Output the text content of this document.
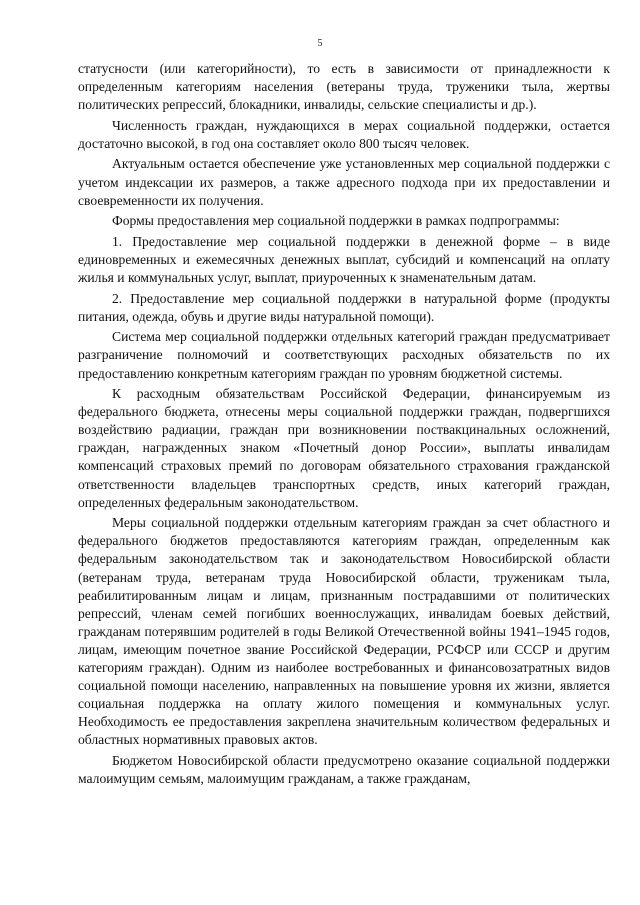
5

статусности (или категорийности), то есть в зависимости от принадлежности к определенным категориям населения (ветераны труда, труженики тыла, жертвы политических репрессий, блокадники, инвалиды, сельские специалисты и др.).

Численность граждан, нуждающихся в мерах социальной поддержки, остается достаточно высокой, в год она составляет около 800 тысяч человек.

Актуальным остается обеспечение уже установленных мер социальной поддержки с учетом индексации их размеров, а также адресного подхода при их предоставлении и своевременности их получения.

Формы предоставления мер социальной поддержки в рамках подпрограммы:

1. Предоставление мер социальной поддержки в денежной форме – в виде единовременных и ежемесячных денежных выплат, субсидий и компенсаций на оплату жилья и коммунальных услуг, выплат, приуроченных к знаменательным датам.

2. Предоставление мер социальной поддержки в натуральной форме (продукты питания, одежда, обувь и другие виды натуральной помощи).

Система мер социальной поддержки отдельных категорий граждан предусматривает разграничение полномочий и соответствующих расходных обязательств по их предоставлению конкретным категориям граждан по уровням бюджетной системы.

К расходным обязательствам Российской Федерации, финансируемым из федерального бюджета, отнесены меры социальной поддержки граждан, подвергшихся воздействию радиации, граждан при возникновении поствакцинальных осложнений, граждан, награжденных знаком «Почетный донор России», выплаты инвалидам компенсаций страховых премий по договорам обязательного страхования гражданской ответственности владельцев транспортных средств, иных категорий граждан, определенных федеральным законодательством.

Меры социальной поддержки отдельным категориям граждан за счет областного и федерального бюджетов предоставляются категориям граждан, определенным как федеральным законодательством так и законодательством Новосибирской области (ветеранам труда, ветеранам труда Новосибирской области, труженикам тыла, реабилитированным лицам и лицам, признанным пострадавшими от политических репрессий, членам семей погибших военнослужащих, инвалидам боевых действий, гражданам потерявшим родителей в годы Великой Отечественной войны 1941–1945 годов, лицам, имеющим почетное звание Российской Федерации, РСФСР или СССР и другим категориям граждан). Одним из наиболее востребованных и финансовозатратных видов социальной помощи населению, направленных на повышение уровня их жизни, является социальная поддержка на оплату жилого помещения и коммунальных услуг. Необходимость ее предоставления закреплена значительным количеством федеральных и областных нормативных правовых актов.

Бюджетом Новосибирской области предусмотрено оказание социальной поддержки малоимущим семьям, малоимущим гражданам, а также гражданам,
